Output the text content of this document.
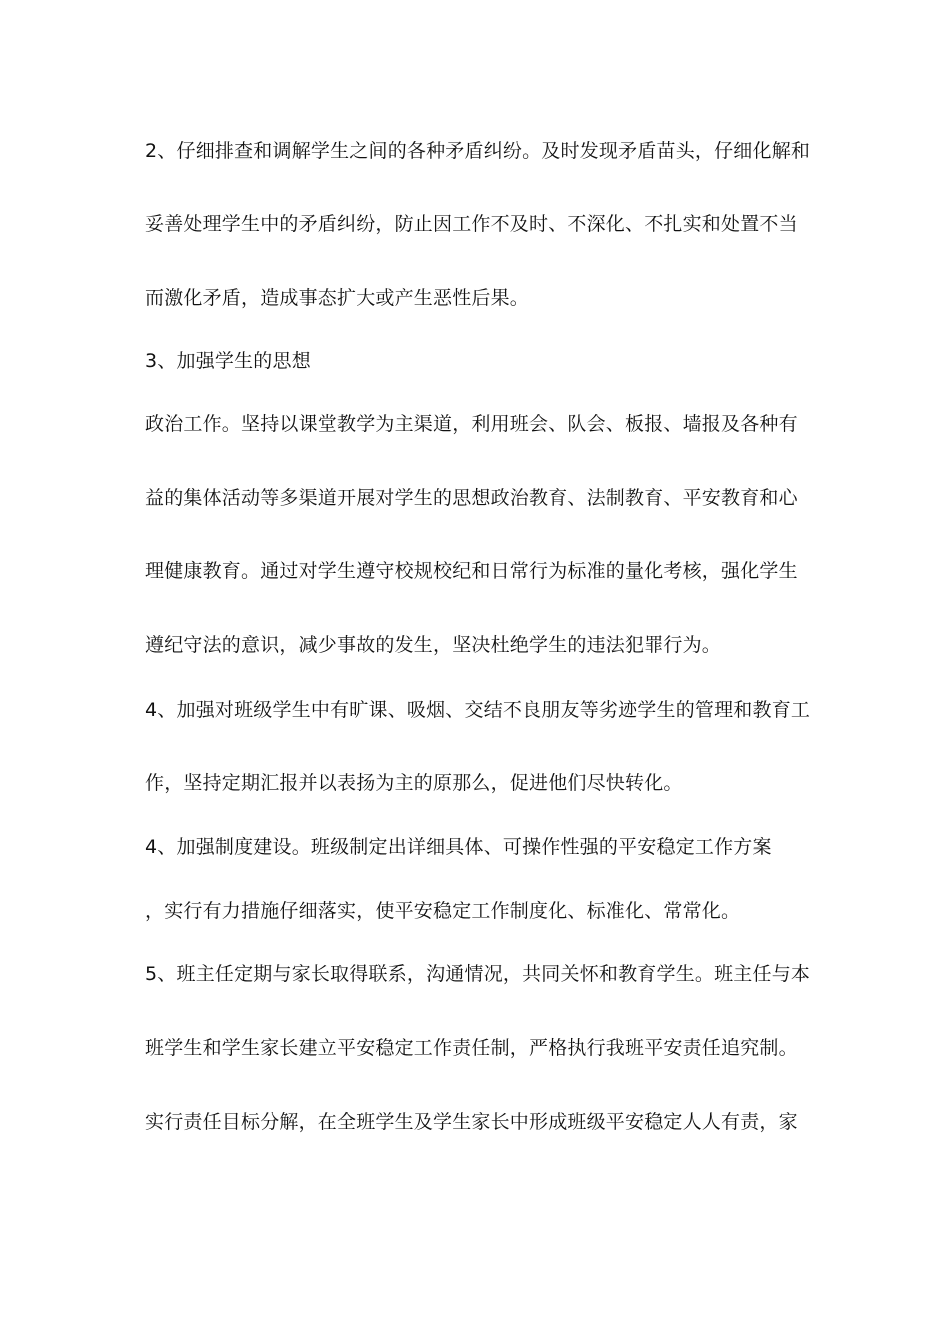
2、仔细排查和调解学生之间的各种矛盾纠纷。及时发现矛盾苗头，仔细化解和
妥善处理学生中的矛盾纠纷，防止因工作不及时、不深化、不扎实和处置不当
而激化矛盾，造成事态扩大或产生恶性后果。
3、加强学生的思想
政治工作。坚持以课堂教学为主渠道，利用班会、队会、板报、墙报及各种有
益的集体活动等多渠道开展对学生的思想政治教育、法制教育、平安教育和心
理健康教育。通过对学生遵守校规校纪和日常行为标准的量化考核，强化学生
遵纪守法的意识，减少事故的发生，坚决杜绝学生的违法犯罪行为。
4、加强对班级学生中有旷课、吸烟、交结不良朋友等劣迹学生的管理和教育工
作，坚持定期汇报并以表扬为主的原那么，促进他们尽快转化。
4、加强制度建设。班级制定出详细具体、可操作性强的平安稳定工作方案
，实行有力措施仔细落实，使平安稳定工作制度化、标准化、常常化。
5、班主任定期与家长取得联系，沟通情况，共同关怀和教育学生。班主任与本
班学生和学生家长建立平安稳定工作责任制，严格执行我班平安责任追究制。
实行责任目标分解，在全班学生及学生家长中形成班级平安稳定人人有责，家
